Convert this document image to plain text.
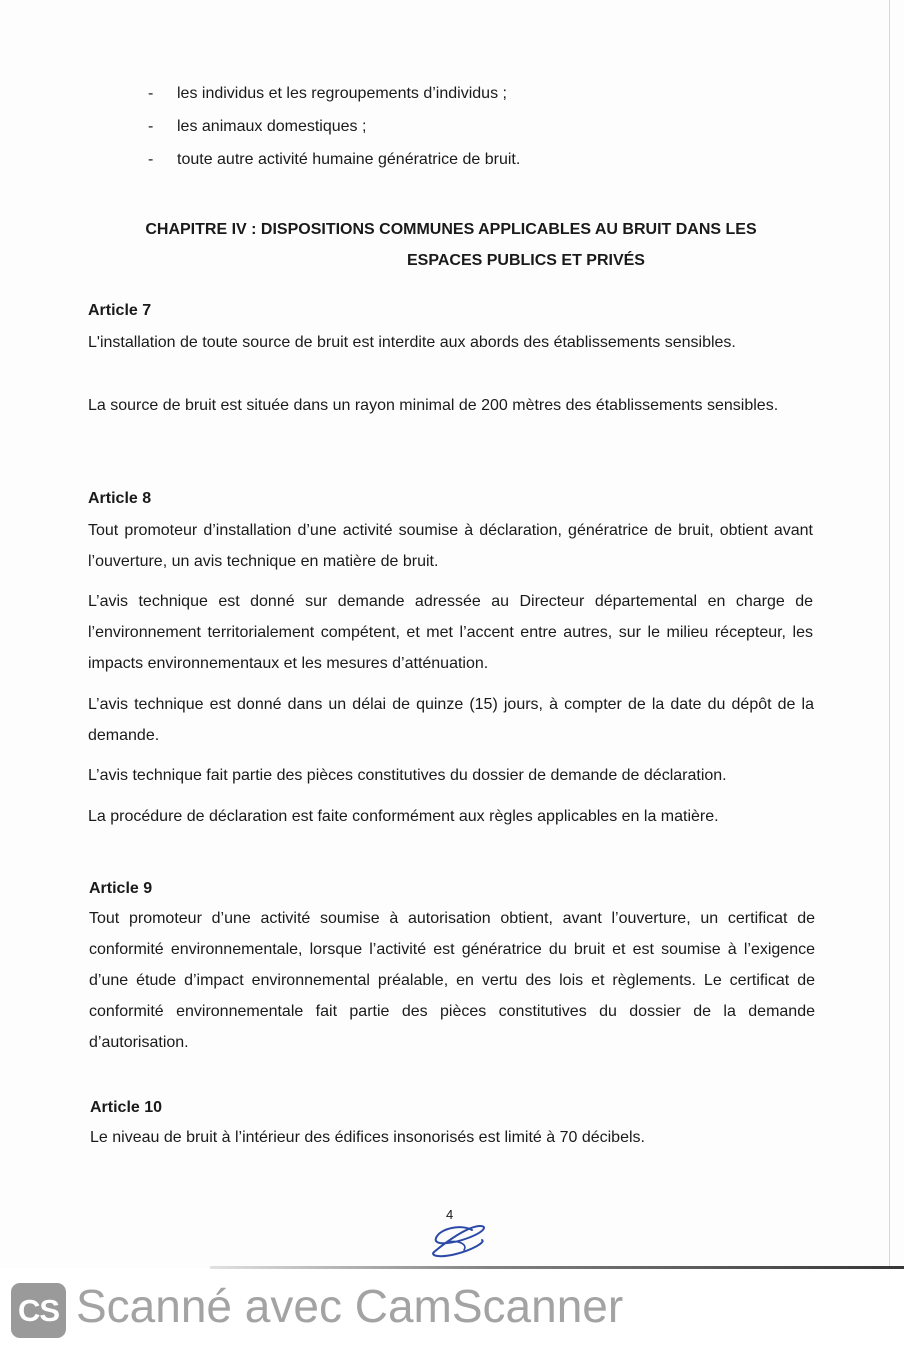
- les individus et les regroupements d’individus ;
- les animaux domestiques ;
- toute autre activité humaine génératrice de bruit.
CHAPITRE IV : DISPOSITIONS COMMUNES APPLICABLES AU BRUIT DANS LES
ESPACES PUBLICS ET PRIVÉS
Article 7

L'installation de toute source de bruit est interdite aux abords des établissements sensibles.

La source de bruit est située dans un rayon minimal de 200 mètres des établissements sensibles.

Article 8

Tout promoteur d’installation d’une activité soumise à déclaration, génératrice de bruit, obtient avant l’ouverture, un avis technique en matière de bruit.

L’avis technique est donné sur demande adressée au Directeur départemental en charge de l’environnement territorialement compétent, et met l’accent entre autres, sur le milieu récepteur, les impacts environnementaux et les mesures d’atténuation.

L’avis technique est donné dans un délai de quinze (15) jours, à compter de la date du dépôt de la demande.

L’avis technique fait partie des pièces constitutives du dossier de demande de déclaration.

La procédure de déclaration est faite conformément aux règles applicables en la matière.

Article 9

Tout promoteur d’une activité soumise à autorisation obtient, avant l’ouverture, un certificat de conformité environnementale, lorsque l’activité est génératrice du bruit et est soumise à l’exigence d’une étude d’impact environnemental préalable, en vertu des lois et règlements. Le certificat de conformité environnementale fait partie des pièces constitutives du dossier de la demande d’autorisation.

Article 10

Le niveau de bruit à l’intérieur des édifices insonorisés est limité à 70 décibels.

4
CS Scanné avec CamScanner
